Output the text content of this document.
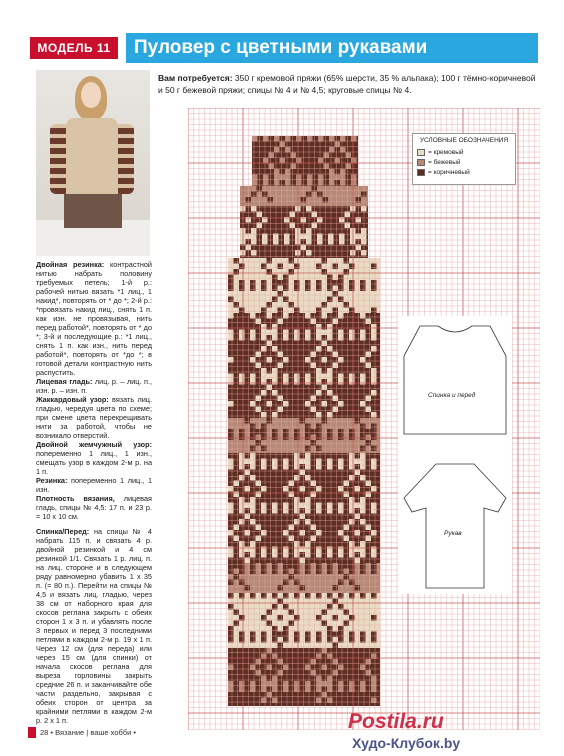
МОДЕЛЬ 11	Пуловер с цветными рукавами
Вам потребуется: 350 г кремовой пряжи (65% шерсти, 35 % альпака); 100 г тёмно-коричневой и 50 г бежевой пряжи; спицы № 4 и № 4,5; круговые спицы № 4.

Двойная резинка: контрастной нитью набрать половину требуемых петель; 1-й р.: рабочей нитью вязать *1 лиц., 1 накид*, повторять от * до *; 2-й р.: *провязать накид лиц., снять 1 п. как изн. не провязывая, нить перед работой*, повторять от * до *; 3-й и последующие р.: *1 лиц., снять 1 п. как изн., нить перед работой*, повторять от *до *; в готовой детали контрастную нить распустить.

Лицевая гладь: лиц. р. – лиц. п., изн. р. – изн. п.

Жаккардовый узор: вязать лиц. гладью, чередуя цвета по схеме; при смене цвета перекрещивать нити за работой, чтобы не возникало отверстий.

Двойной жемчужный узор: попеременно 1 лиц., 1 изн., смещать узор в каждом 2-м р. на 1 п.

Резинка: попеременно 1 лиц., 1 изн.

Плотность вязания, лицевая гладь, спицы № 4,5: 17 п. и 23 р. = 10 х 10 см.

Спинка/Перед: на спицы № 4 набрать 115 п. и связать 4 р. двойной резинкой и 4 см резинкой 1/1. Связать 1 р. лиц. п. на лиц. стороне и в следующем ряду равномерно убавить 1 х 35 п. (= 80 п.). Перейти на спицы № 4,5 и вязать лиц. гладью, через 38 см от наборного края для скосов реглана закрыть с обеих сторон 1 х 3 п. и убавлять после 3 первых и перед 3 последними петлями в каждом 2-м р. 19 х 1 п. Через 12 см (для переда) или через 15 см (для спинки) от начала скосов реглана для выреза горловины закрыть средние 26 п. и заканчивайте обе части раздельно, закрывая с обеих сторон от центра за крайними петлями в каждом 2-м р. 2 х 1 п.

УСЛОВНЫЕ ОБОЗНАЧЕНИЯ
= кремовый
= бежевый
= коричневый
Спинка и перед
Рукав
28 • Вязание | ваше хобби •	Postila.ru
Худо-Клубок.by
